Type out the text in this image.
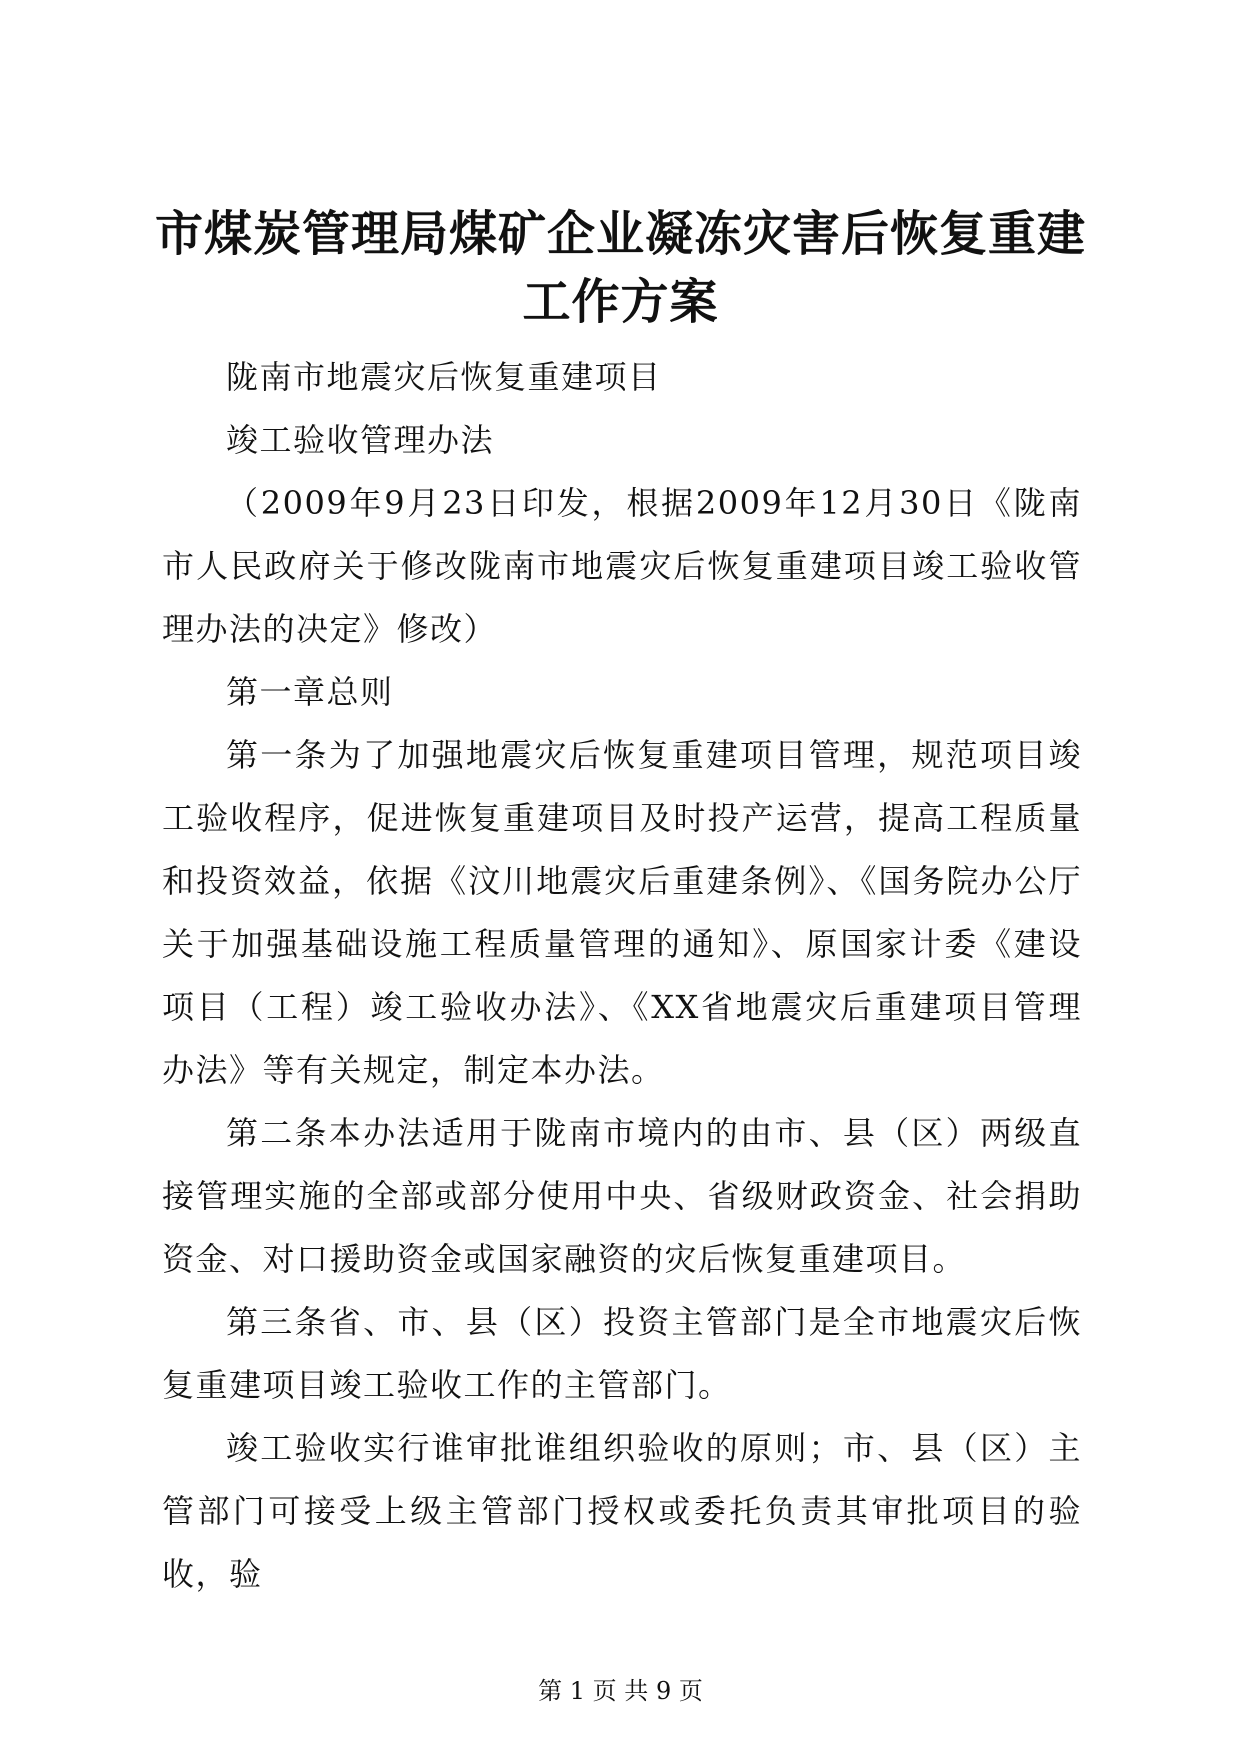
市煤炭管理局煤矿企业凝冻灾害后恢复重建工作方案

陇南市地震灾后恢复重建项目

竣工验收管理办法

（2009年9月23日印发，根据2009年12月30日《陇南市人民政府关于修改陇南市地震灾后恢复重建项目竣工验收管理办法的决定》修改）

第一章总则

第一条为了加强地震灾后恢复重建项目管理，规范项目竣工验收程序，促进恢复重建项目及时投产运营，提高工程质量和投资效益，依据《汶川地震灾后重建条例》、《国务院办公厅关于加强基础设施工程质量管理的通知》、原国家计委《建设项目（工程）竣工验收办法》、《XX省地震灾后重建项目管理办法》等有关规定，制定本办法。

第二条本办法适用于陇南市境内的由市、县（区）两级直接管理实施的全部或部分使用中央、省级财政资金、社会捐助资金、对口援助资金或国家融资的灾后恢复重建项目。

第三条省、市、县（区）投资主管部门是全市地震灾后恢复重建项目竣工验收工作的主管部门。

竣工验收实行谁审批谁组织验收的原则；市、县（区）主管部门可接受上级主管部门授权或委托负责其审批项目的验收，验

第 1 页 共 9 页
